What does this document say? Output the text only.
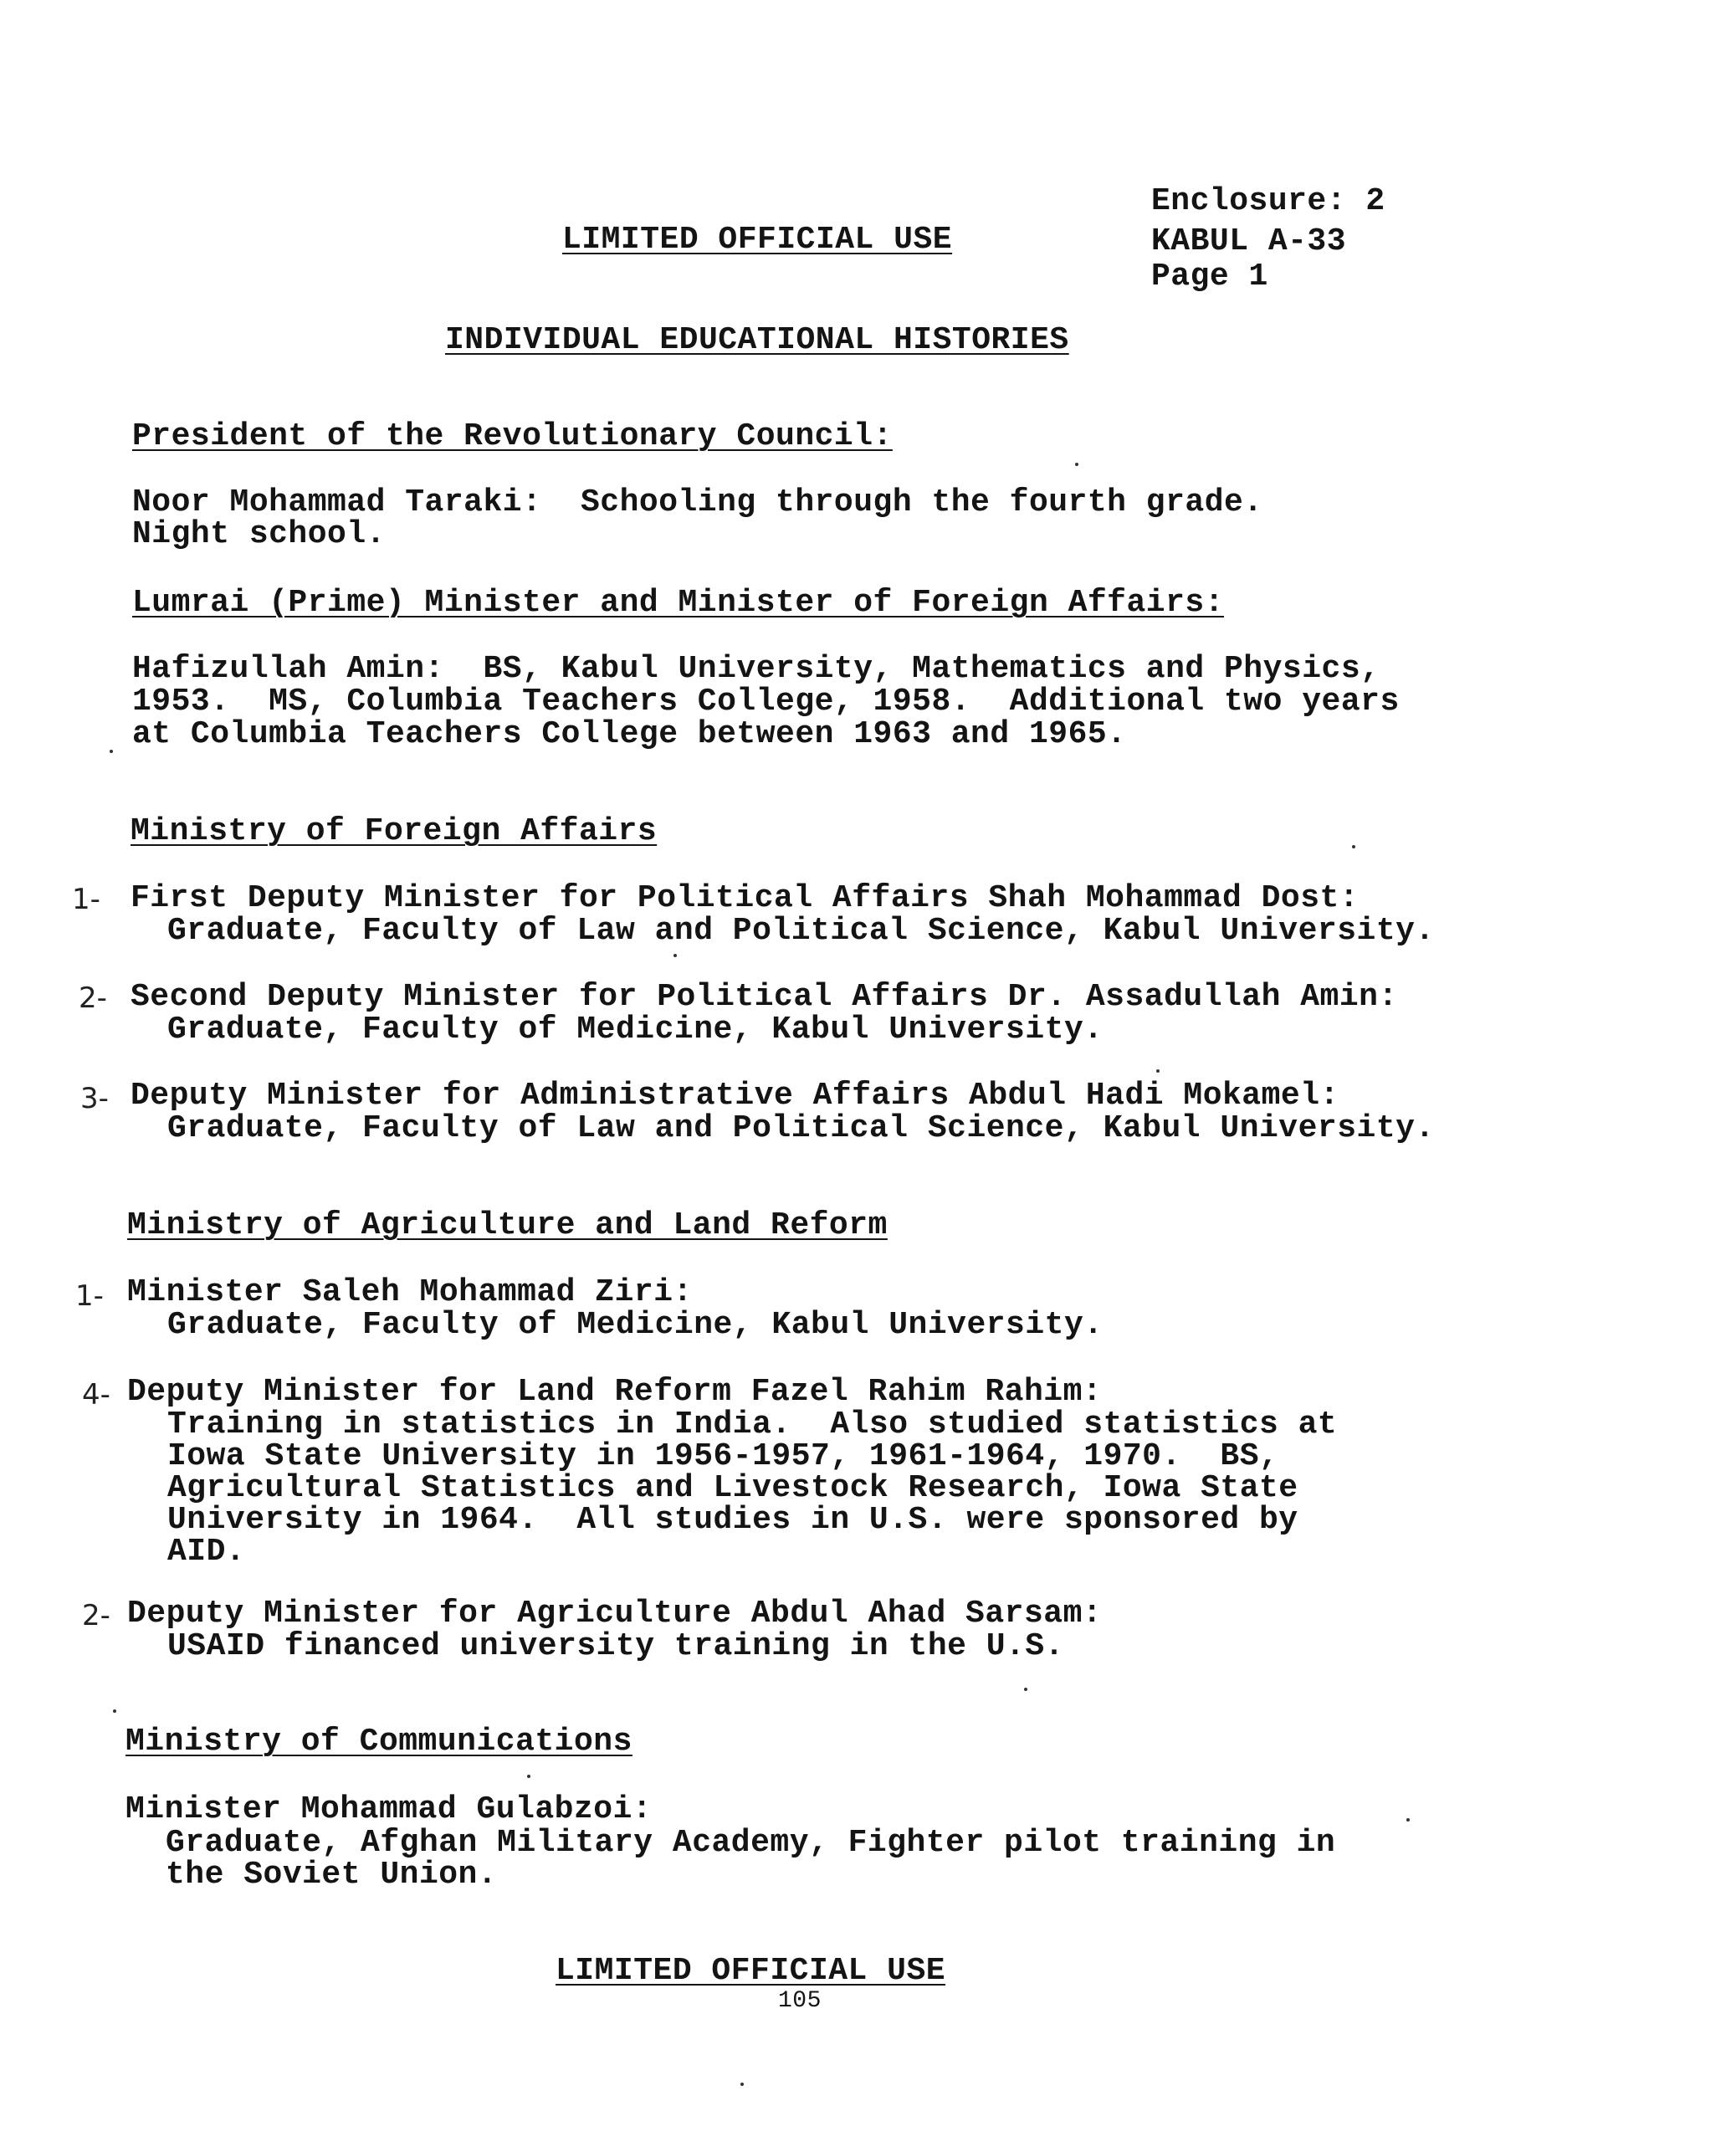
LIMITED OFFICIAL USE
Enclosure: 2
KABUL A-33
Page 1
INDIVIDUAL EDUCATIONAL HISTORIES
President of the Revolutionary Council:
Noor Mohammad Taraki:  Schooling through the fourth grade.
Night school.
Lumrai (Prime) Minister and Minister of Foreign Affairs:
Hafizullah Amin:  BS, Kabul University, Mathematics and Physics,
1953.  MS, Columbia Teachers College, 1958.  Additional two years
at Columbia Teachers College between 1963 and 1965.
Ministry of Foreign Affairs
1- First Deputy Minister for Political Affairs Shah Mohammad Dost:
Graduate, Faculty of Law and Political Science, Kabul University.
2- Second Deputy Minister for Political Affairs Dr. Assadullah Amin:
Graduate, Faculty of Medicine, Kabul University.
3- Deputy Minister for Administrative Affairs Abdul Hadi Mokamel:
Graduate, Faculty of Law and Political Science, Kabul University.
Ministry of Agriculture and Land Reform
1- Minister Saleh Mohammad Ziri:
Graduate, Faculty of Medicine, Kabul University.
4- Deputy Minister for Land Reform Fazel Rahim Rahim:
Training in statistics in India.  Also studied statistics at
Iowa State University in 1956-1957, 1961-1964, 1970.  BS,
Agricultural Statistics and Livestock Research, Iowa State
University in 1964.  All studies in U.S. were sponsored by
AID.
2- Deputy Minister for Agriculture Abdul Ahad Sarsam:
USAID financed university training in the U.S.
Ministry of Communications
Minister Mohammad Gulabzoi:
Graduate, Afghan Military Academy, Fighter pilot training in
the Soviet Union.
LIMITED OFFICIAL USE
105
